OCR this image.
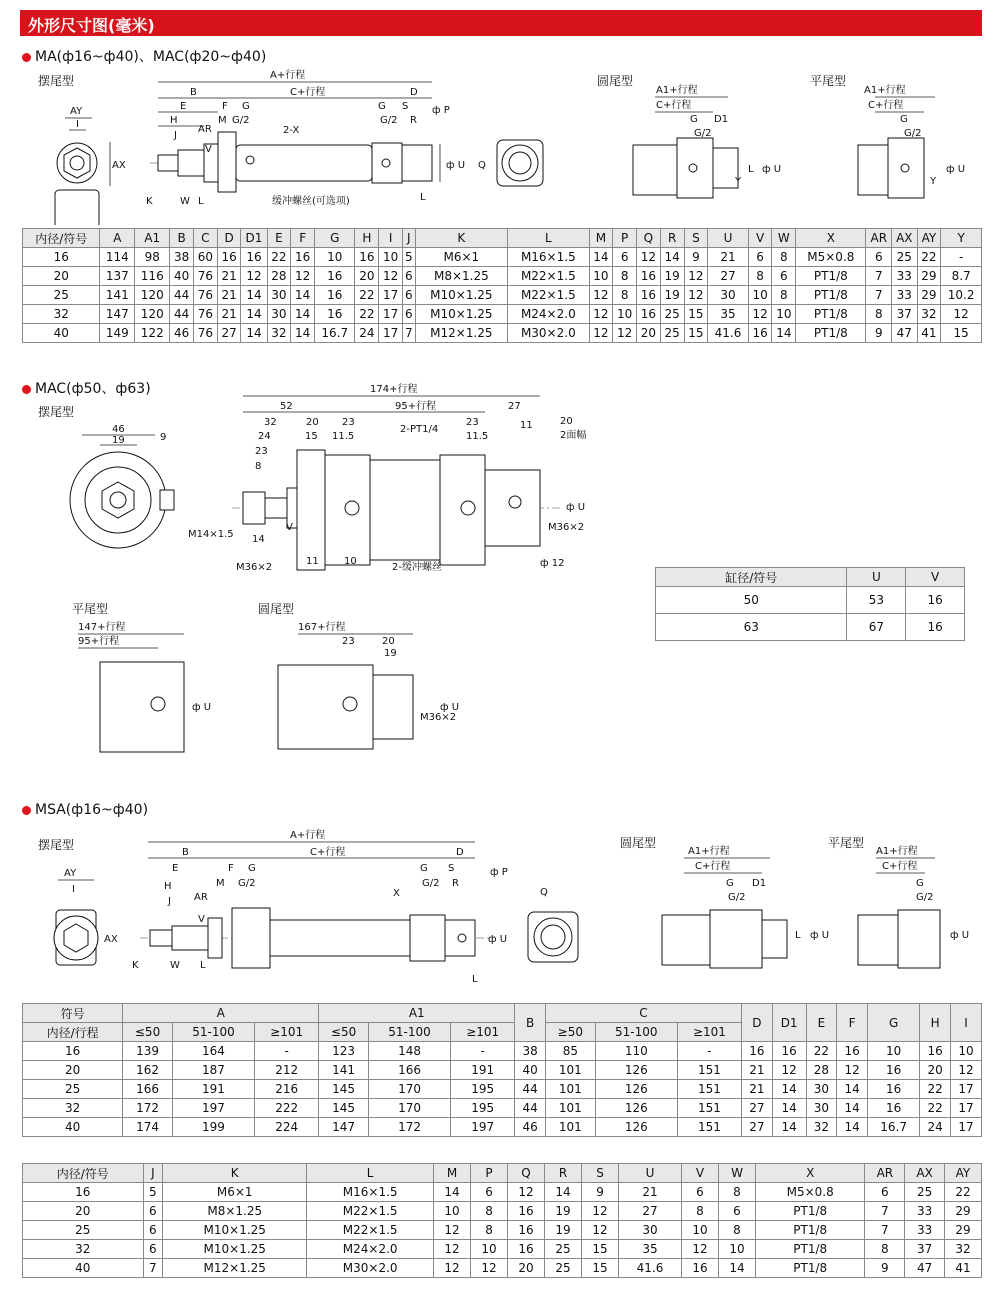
外形尺寸图(毫米)
MA(ф16~ф40)、MAC(ф20~ф40)
摆尾型	圆尾型	平尾型
AY
I
AX
A+行程
B	C+行程	D
E	F G	G S
M G/2	G/2 R
ф P
H
J
AR	2-X
V
ф U
K	W L	L
缓冲螺丝(可选项)
Q
A1+行程
C+行程
G D1
G/2
Y
L ф U
A1+行程
C+行程
G
G/2
Y
ф U
内径/符号	A	A1	B	C	D	D1	E	F	G	H	I	J	K	L	M	P	Q	R	S	U	V	W	X	AR	AX	AY	Y
16	114	98	38	60	16	16	22	16	10	16	10	5	M6×1	M16×1.5	14	6	12	14	9	21	6	8	M5×0.8	6	25	22	-
20	137	116	40	76	21	12	28	12	16	20	12	6	M8×1.25	M22×1.5	10	8	16	19	12	27	8	6	PT1/8	7	33	29	8.7
25	141	120	44	76	21	14	30	14	16	22	17	6	M10×1.25	M22×1.5	12	8	16	19	12	30	10	8	PT1/8	7	33	29	10.2
32	147	120	44	76	21	14	30	14	16	22	17	6	M10×1.25	M24×2.0	12	10	16	25	15	35	12	10	PT1/8	8	37	32	12
40	149	122	46	76	27	14	32	14	16.7	24	17	7	M12×1.25	M30×2.0	12	12	20	25	15	41.6	16	14	PT1/8	9	47	41	15
MAC(ф50、ф63)
摆尾型
平尾型	圆尾型
46
19	9
174+行程
52	95+行程	27
32	20 23	23
24	15 11.5	11.5
2-PT1/4
23
8
11	20
2面幅
M14×1.5 14
M36×2
V
11	10
2-缓冲螺丝	ф 12
M36×2
ф U
147+行程
95+行程
ф U
167+行程
23	20
19
M36×2
ф U
缸径/符号	U	V
50	53	16
63	67	16
MSA(ф16~ф40)
摆尾型	圆尾型	平尾型
AY
I
AX
A+行程
B	C+行程	D
E	F G	G S
H	M G/2	G/2 R
ф P
J AR	X
V
ф U
K	W L
L
Q
A1+行程
C+行程
G D1
G/2
L ф U
A1+行程
C+行程
G
G/2
ф U
符号	A			A1			B	C			D	D1	E	F	G	H	I
内径/行程	≤50	51-100	≥101	≤50	51-100	≥101		≥50	51-100	≥101							
16	139	164	-	123	148	-	38	85	110	-	16	16	22	16	10	16	10
20	162	187	212	141	166	191	40	101	126	151	21	12	28	12	16	20	12
25	166	191	216	145	170	195	44	101	126	151	21	14	30	14	16	22	17
32	172	197	222	145	170	195	44	101	126	151	27	14	30	14	16	22	17
40	174	199	224	147	172	197	46	101	126	151	27	14	32	14	16.7	24	17
内径/符号	J	K	L	M	P	Q	R	S	U	V	W	X	AR	AX	AY
16	5	M6×1	M16×1.5	14	6	12	14	9	21	6	8	M5×0.8	6	25	22
20	6	M8×1.25	M22×1.5	10	8	16	19	12	27	8	6	PT1/8	7	33	29
25	6	M10×1.25	M22×1.5	12	8	16	19	12	30	10	8	PT1/8	7	33	29
32	6	M10×1.25	M24×2.0	12	10	16	25	15	35	12	10	PT1/8	8	37	32
40	7	M12×1.25	M30×2.0	12	12	20	25	15	41.6	16	14	PT1/8	9	47	41
